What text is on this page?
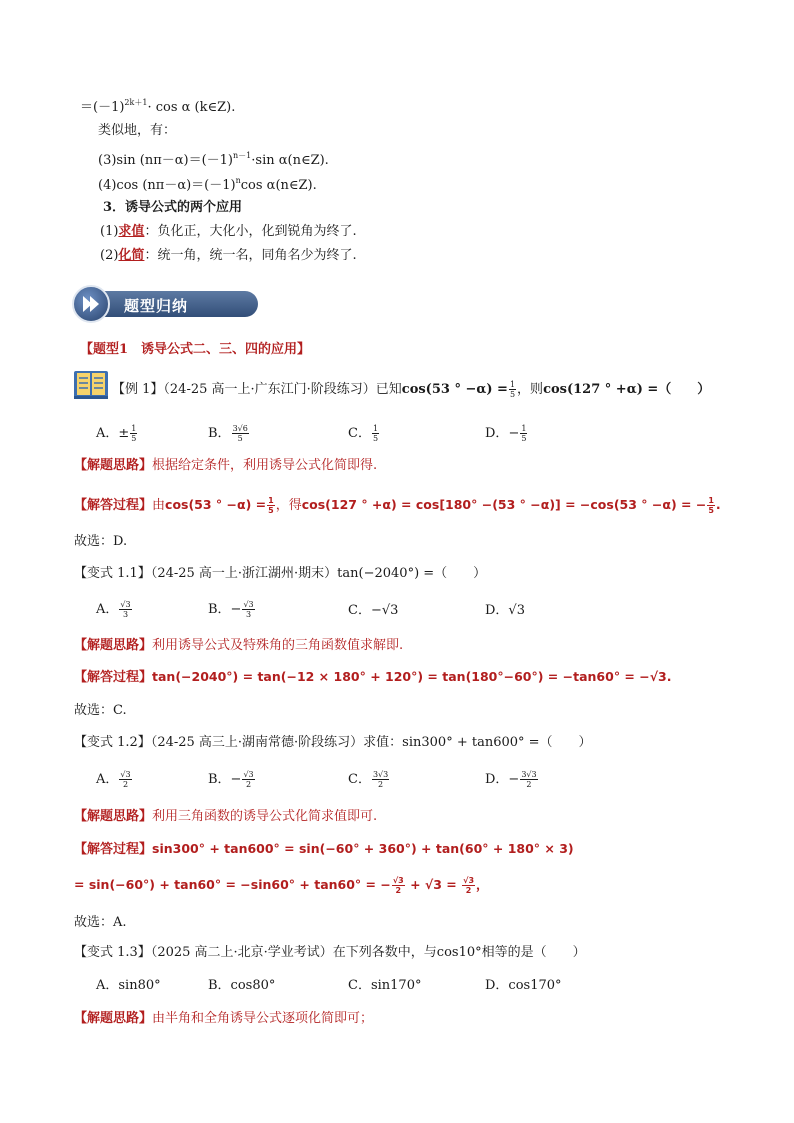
$=(-1)^{2k+1}\cdot \cos \alpha$ (k∈Z).
类似地，有：
(3)sin $(n\pi-\alpha)=(-1)^{n-1}\cdot\sin$ α(n∈Z).
(4)cos $(n\pi-\alpha)=(-1)^n\cos$ α(n∈Z).
3．诱导公式的两个应用
(1)求值：负化正，大化小，化到锐角为终了.
(2)化简：统一角，统一名，同角名少为终了.
题型归纳
【题型1　诱导公式二、三、四的应用】
【例 1】（24-25 高一上·广东江门·阶段练习）已知cos(53 ° $-\alpha) = \frac{1}{5}$ ，则cos(127 ° +α) =（　　）
A．± $\frac{1}{5}$	B． $\frac{3√6}{5}$	C． $\frac{1}{5}$	D．− $\frac{1}{5}$
【解题思路】根据给定条件，利用诱导公式化简即得.
【解答过程】由cos(53 ° $-\alpha) = \frac{1}{5}$ ，得cos(127 ° +α) = cos[180° −(53 ° −α)] = −cos(53 ° −α) = − $\frac{1}{5}$ .
故选：D.
【变式 1.1】（24-25 高一上·浙江湖州·期末）tan(−2040°) =（　　）
A． $\frac{√3}{3}$	B．− $\frac{√3}{3}$	C．−√3	D．√3
【解题思路】利用诱导公式及特殊角的三角函数值求解即.
【解答过程】tan(−2040°) = tan(−12 × 180° + 120°) = tan(180°−60°) = −tan60° = −√3.
故选：C.
【变式 1.2】（24-25 高三上·湖南常德·阶段练习）求值：sin300° + tan600° =（　　）
A． $\frac{√3}{2}$	B．− $\frac{√3}{2}$	C． $\frac{3√3}{2}$	D．− $\frac{3√3}{2}$
【解题思路】利用三角函数的诱导公式化简求值即可.
【解答过程】sin300° + tan600° = sin(−60° + 360°) + tan(60° + 180° × 3)
= sin(−60°) + tan60° = −sin60° + tan60° = − $\frac{√3}{2} + √3 = \frac{√3}{2}$ ，
故选：A.
【变式 1.3】（2025 高二上·北京·学业考试）在下列各数中，与cos10°相等的是（　　）
A．sin80°	B．cos80°	C．sin170°	D．cos170°
【解题思路】由半角和全角诱导公式逐项化简即可；
